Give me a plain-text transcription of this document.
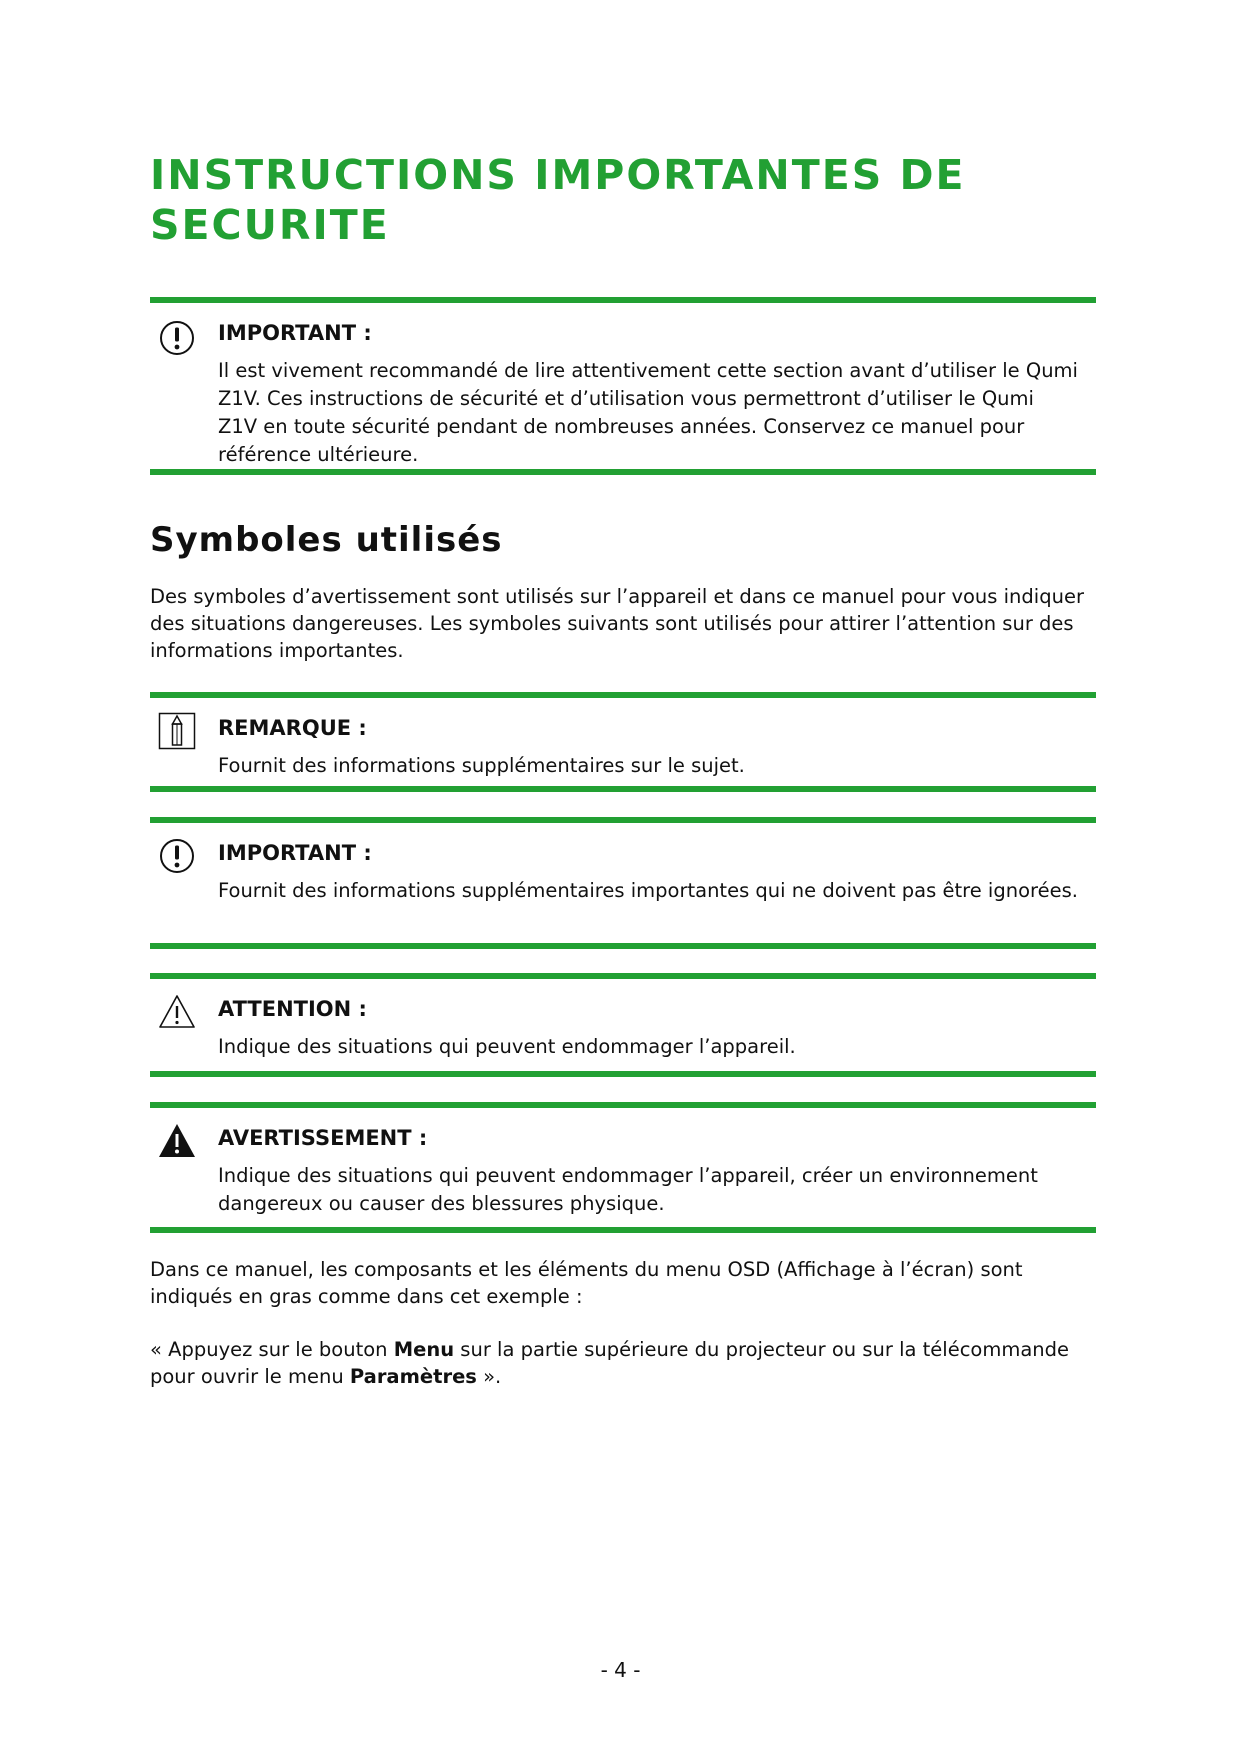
INSTRUCTIONS IMPORTANTES DE SECURITE
IMPORTANT :
Il est vivement recommandé de lire attentivement cette section avant d’utiliser le Qumi Z1V. Ces instructions de sécurité et d’utilisation vous permettront d’utiliser le Qumi Z1V en toute sécurité pendant de nombreuses années. Conservez ce manuel pour référence ultérieure.
Symboles utilisés

Des symboles d’avertissement sont utilisés sur l’appareil et dans ce manuel pour vous indiquer des situations dangereuses. Les symboles suivants sont utilisés pour attirer l’attention sur des informations importantes.

REMARQUE :
Fournit des informations supplémentaires sur le sujet.
IMPORTANT :
Fournit des informations supplémentaires importantes qui ne doivent pas être ignorées.
ATTENTION :
Indique des situations qui peuvent endommager l’appareil.
AVERTISSEMENT :
Indique des situations qui peuvent endommager l’appareil, créer un environnement dangereux ou causer des blessures physique.

Dans ce manuel, les composants et les éléments du menu OSD (Affichage à l’écran) sont indiqués en gras comme dans cet exemple :

« Appuyez sur le bouton Menu sur la partie supérieure du projecteur ou sur la télécommande pour ouvrir le menu Paramètres ».

- 4 -
